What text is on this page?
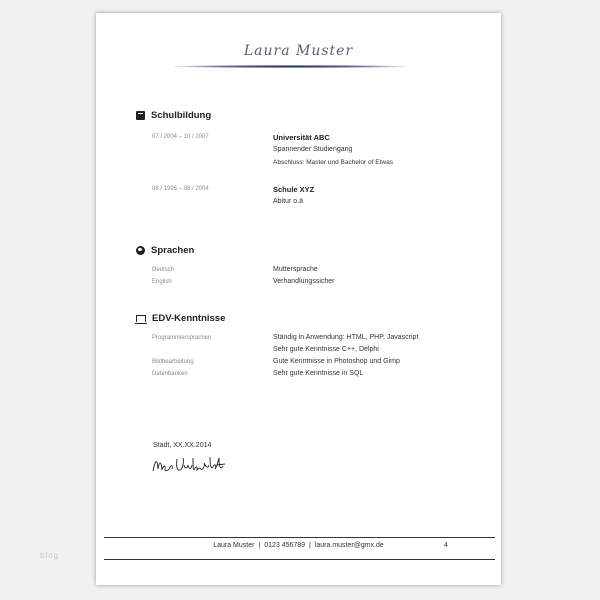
Laura Muster
Schulbildung
07 / 2004 – 10 / 2007	Universität ABC
Spannender Studiengang
Abschluss: Master und Bachelor of Etwas
08 / 1995 – 06 / 2004	Schule XYZ
Abitur o.ä
Sprachen
Deutsch	Muttersprache
English	Verhandlungssicher
EDV-Kenntnisse
Programmiersprachen	Ständig in Anwendung: HTML, PHP, Javascript
Sehr gute Kenntnisse C++, Delphi
Bildbearbeitung	Gute Kenntnisse in Photoshop und Gimp
Datenbanken	Sehr gute Kenntnisse in SQL
Stadt, XX.XX.2014
Laura Muster | 0123 456789 | laura.muster@gmx.de	4
blog
